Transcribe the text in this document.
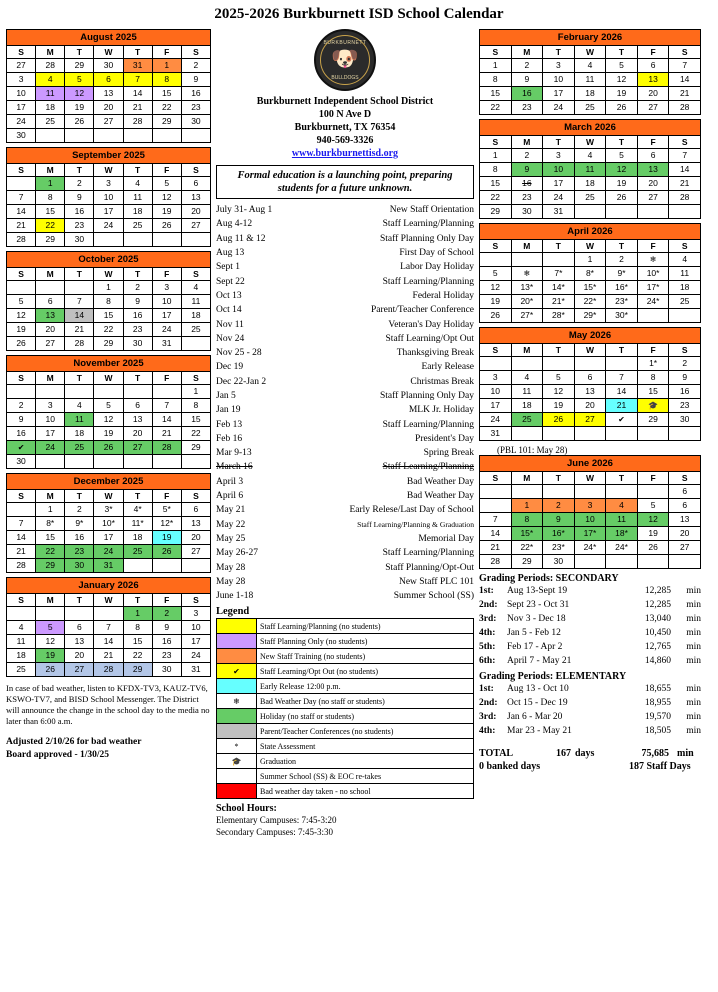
2025-2026 Burkburnett ISD School Calendar
August 2025
S	M	T	W	T	F	S
27	28	29	30	31	1	2
3	4	5	6	7	8	9
10	11	12	13	14	15	16
17	18	19	20	21	22	23
24	25	26	27	28	29	30
30						
September 2025
S	M	T	W	T	F	S
	1	2	3	4	5	6
7	8	9	10	11	12	13
14	15	16	17	18	19	20
21	22	23	24	25	26	27
28	29	30				
October 2025
S	M	T	W	T	F	S
			1	2	3	4
5	6	7	8	9	10	11
12	13	14	15	16	17	18
19	20	21	22	23	24	25
26	27	28	29	30	31	
November 2025
S	M	T	W	T	F	S
						1
2	3	4	5	6	7	8
9	10	11	12	13	14	15
16	17	18	19	20	21	22
✔	24	25	26	27	28	29
30						
December 2025
S	M	T	W	T	F	S
	1	2	3*	4*	5*	6
7	8*	9*	10*	11*	12*	13
14	15	16	17	18	19	20
21	22	23	24	25	26	27
28	29	30	31			
January 2026
S	M	T	W	T	F	S
				1	2	3
4	5	6	7	8	9	10
11	12	13	14	15	16	17
18	19	20	21	22	23	24
25	26	27	28	29	30	31
In case of bad weather, listen to KFDX-TV3, KAUZ-TV6, KSWO-TV7, and BISD School Messenger. The District will announce the change in the school day to the media no later than 6:00 a.m.
Adjusted 2/10/26 for bad weather
Board approved - 1/30/25
BURKBURNETT
🐶
BULLDOGS
Burkburnett Independent School District
100 N Ave D
Burkburnett, TX 76354
940-569-3326
www.burkburnettisd.org
Formal education is a launching point, preparing students for a future unknown.
July 31- Aug 1	New Staff Orientation
Aug 4-12	Staff Learning/Planning
Aug 11 & 12	Staff Planning Only Day
Aug 13	First Day of School
Sept 1	Labor Day Holiday
Sept 22	Staff Learning/Planning
Oct 13	Federal Holiday
Oct 14	Parent/Teacher Conference
Nov 11	Veteran's Day Holiday
Nov 24	Staff Learning/Opt Out
Nov 25 - 28	Thanksgiving Break
Dec 19	Early Release
Dec 22-Jan 2	Christmas Break
Jan 5	Staff Planning Only Day
Jan 19	MLK Jr. Holiday
Feb 13	Staff Learning/Planning
Feb 16	President's Day
Mar 9-13	Spring Break
March 16	Staff Learning/Planning
April 3	Bad Weather Day
April 6	Bad Weather Day
May 21	Early Relese/Last Day of School
May 22	Staff Learning/Planning & Graduation
May 25	Memorial Day
May 26-27	Staff Learning/Planning
May 28	Staff Planning/Opt-Out
May 28	New Staff PLC 101
June 1-18	Summer School (SS)
Legend
	Staff Learning/Planning (no students)
	Staff Planning Only (no students)
	New Staff Training (no students)
✔	Staff Learning/Opt Out (no students)
	Early Release 12:00 p.m.
❄	Bad Weather Day (no staff or students)
	Holiday (no staff or students)
	Parent/Teacher Conferences (no students)
*	State Assessment
🎓	Graduation
	Summer School (SS) & EOC re-takes
	Bad weather day taken - no school
School Hours:
Elementary Campuses: 7:45-3:20
Secondary Campuses: 7:45-3:30
February 2026
S	M	T	W	T	F	S
1	2	3	4	5	6	7
8	9	10	11	12	13	14
15	16	17	18	19	20	21
22	23	24	25	26	27	28
March 2026
S	M	T	W	T	F	S
1	2	3	4	5	6	7
8	9	10	11	12	13	14
15	16	17	18	19	20	21
22	23	24	25	26	27	28
29	30	31				
April 2026
S	M	T	W	T	F	S
			1	2	❄	4
5	❄	7*	8*	9*	10*	11
12	13*	14*	15*	16*	17*	18
19	20*	21*	22*	23*	24*	25
26	27*	28*	29*	30*		
May 2026
S	M	T	W	T	F	S
					1*	2
3	4	5	6	7	8	9
10	11	12	13	14	15	16
17	18	19	20	21	🎓	23
24	25	26	27	✔	29	30
31						
(PBL 101: May 28)
June 2026
S	M	T	W	T	F	S
						6
	1	2	3	4	5	6
7	8	9	10	11	12	13
14	15*	16*	17*	18*	19	20
21	22*	23*	24*	24*	26	27
28	29	30				
Grading Periods: SECONDARY
1st:	Aug 13-Sept 19	12,285	min
2nd:	Sept 23 - Oct 31	12,285	min
3rd:	Nov 3 - Dec 18	13,040	min
4th:	Jan 5 - Feb 12	10,450	min
5th:	Feb 17 - Apr 2	12,765	min
6th:	April 7 - May 21	14,860	min
Grading Periods: ELEMENTARY
1st:	Aug 13 - Oct 10	18,655	min
2nd:	Oct 15 - Dec 19	18,955	min
3rd:	Jan 6 - Mar 20	19,570	min
4th:	Mar 23 - May 21	18,505	min
TOTAL	167 days	75,685 min
0 banked days	187 Staff Days
